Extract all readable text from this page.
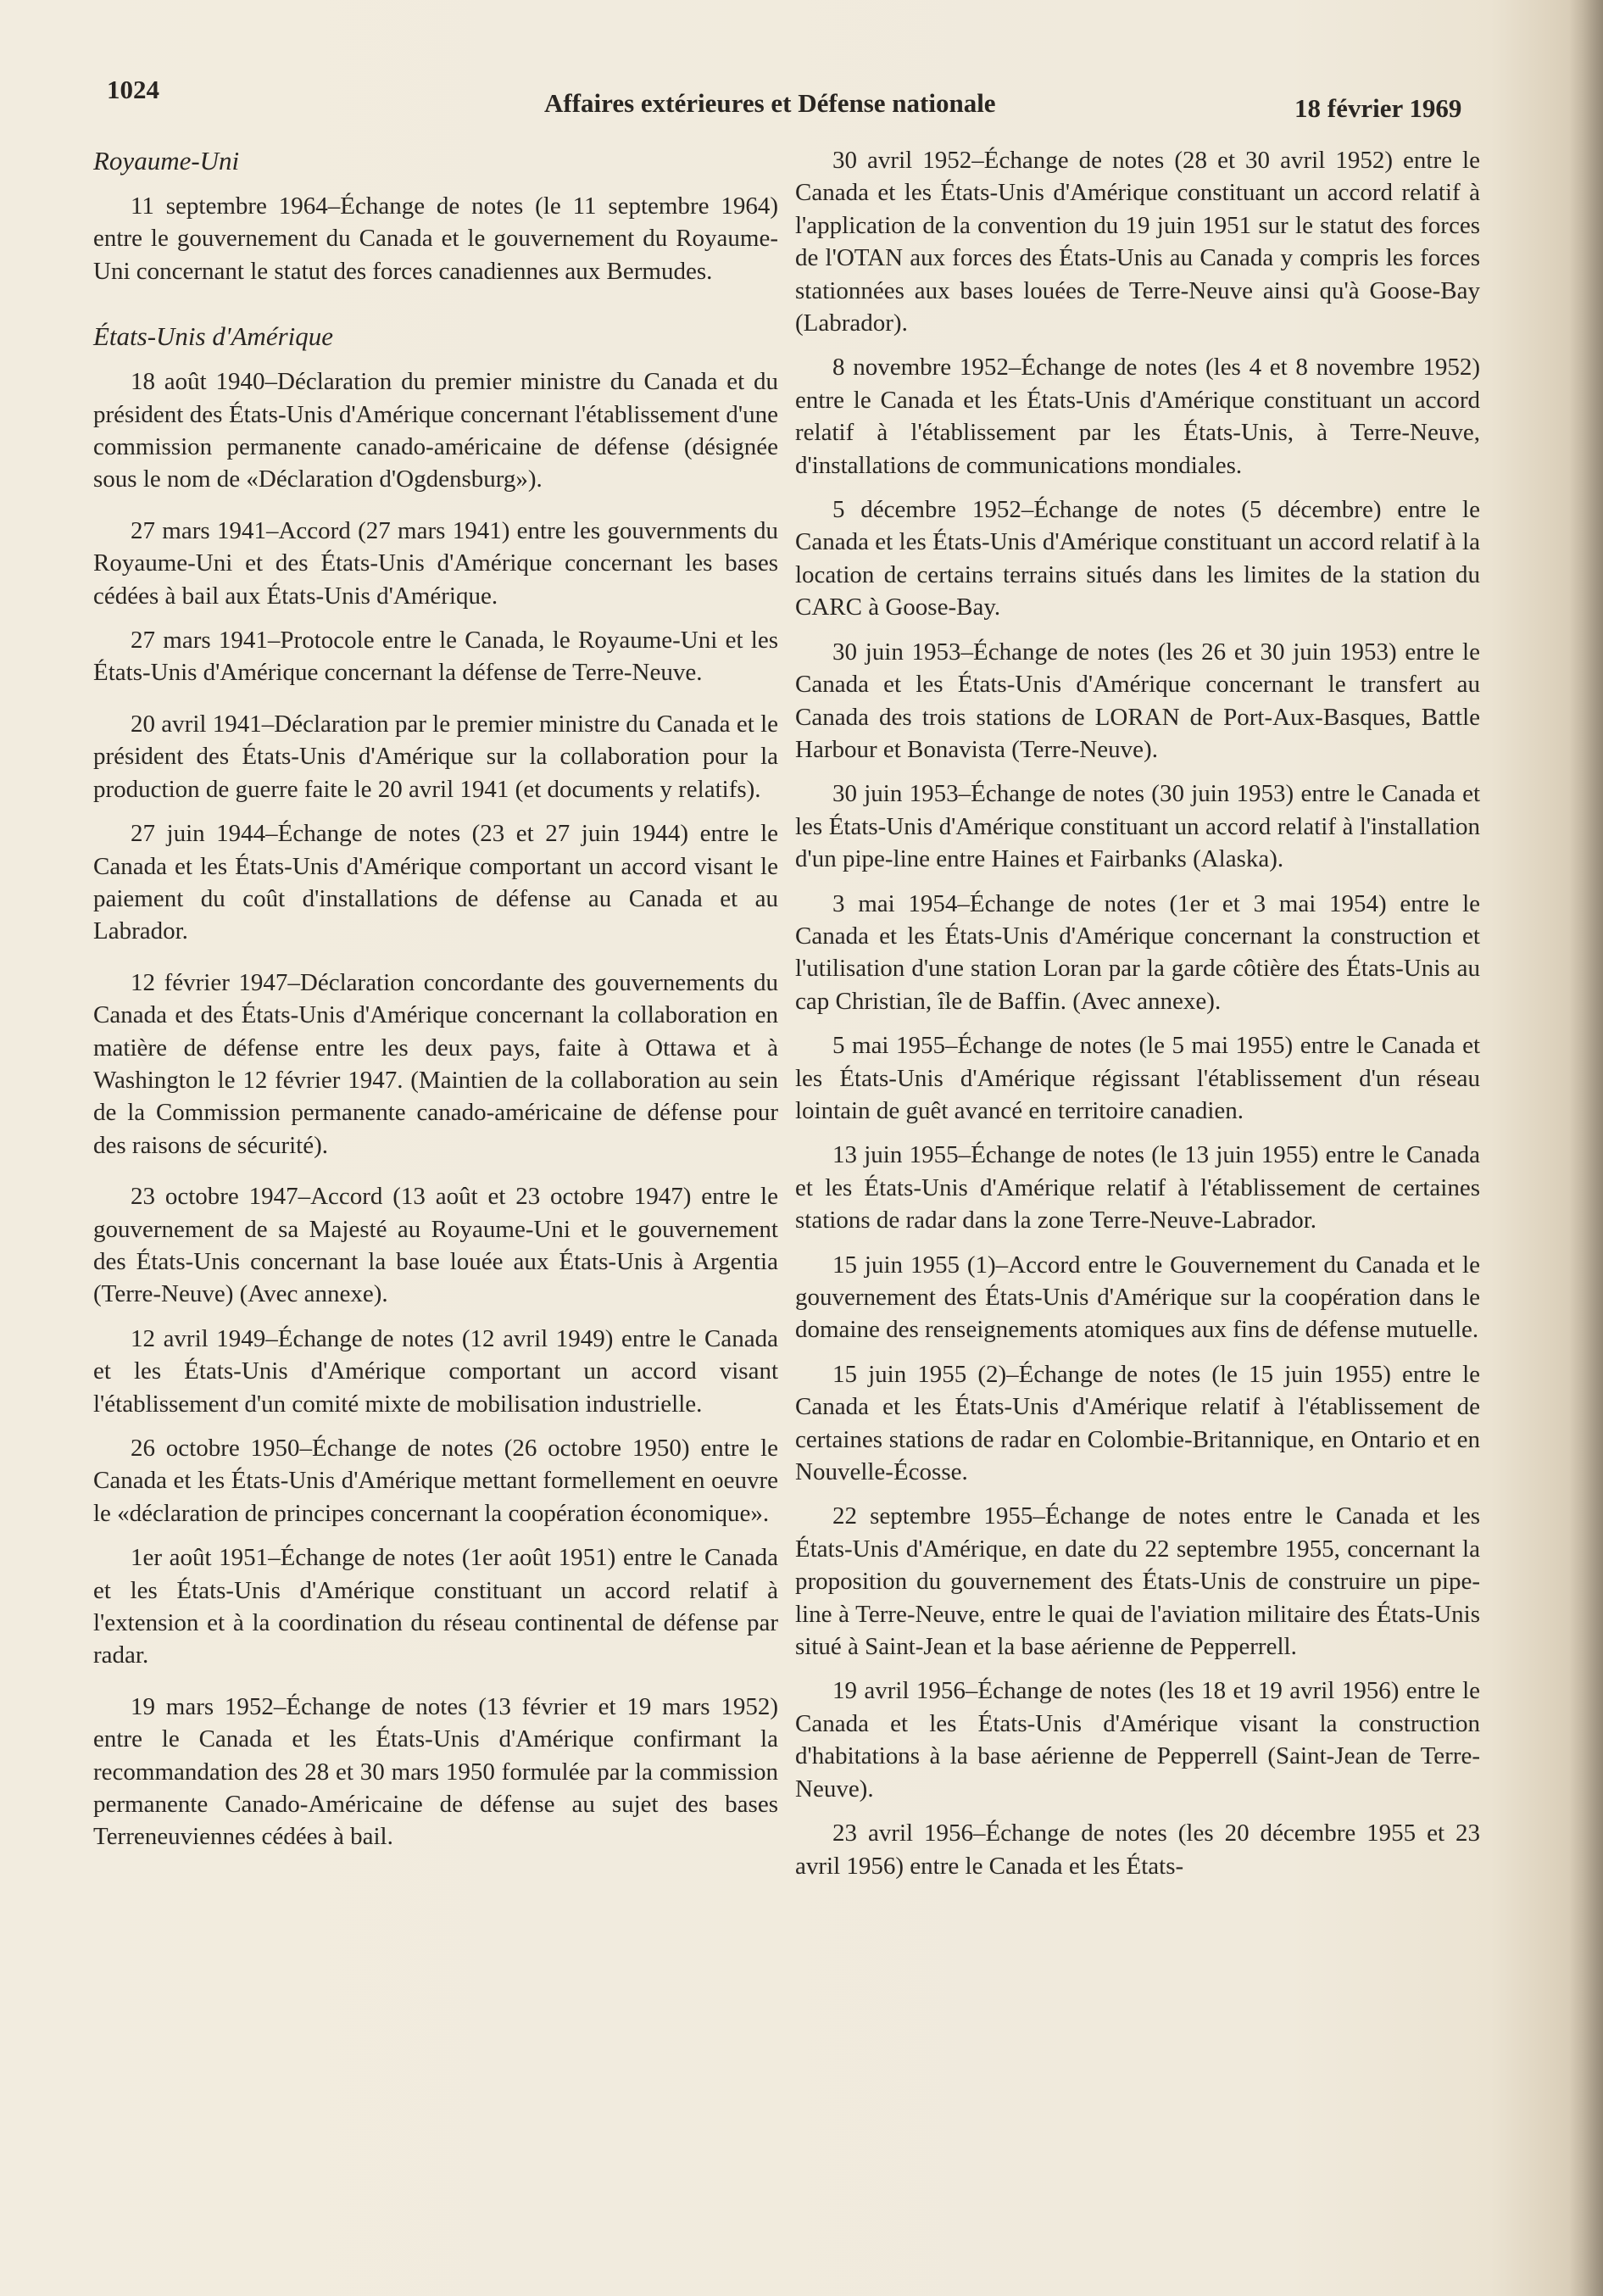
1024	Affaires extérieures et Défense nationale	18 février 1969
Royaume-Uni

11 septembre 1964–Échange de notes (le 11 septembre 1964) entre le gouvernement du Canada et le gouvernement du Royaume-Uni concernant le statut des forces canadiennes aux Bermudes.

États-Unis d'Amérique

18 août 1940–Déclaration du premier ministre du Canada et du président des États-Unis d'Amérique concernant l'établissement d'une commission permanente canado-américaine de défense (désignée sous le nom de «Déclaration d'Ogdensburg»).

27 mars 1941–Accord (27 mars 1941) entre les gouvernments du Royaume-Uni et des États-Unis d'Amérique concernant les bases cédées à bail aux États-Unis d'Amérique.

27 mars 1941–Protocole entre le Canada, le Royaume-Uni et les États-Unis d'Amérique concernant la défense de Terre-Neuve.

20 avril 1941–Déclaration par le premier ministre du Canada et le président des États-Unis d'Amérique sur la collaboration pour la production de guerre faite le 20 avril 1941 (et documents y relatifs).

27 juin 1944–Échange de notes (23 et 27 juin 1944) entre le Canada et les États-Unis d'Amérique comportant un accord visant le paiement du coût d'installations de défense au Canada et au Labrador.

12 février 1947–Déclaration concordante des gouvernements du Canada et des États-Unis d'Amérique concernant la collaboration en matière de défense entre les deux pays, faite à Ottawa et à Washington le 12 février 1947. (Maintien de la collaboration au sein de la Commission permanente canado-américaine de défense pour des raisons de sécurité).

23 octobre 1947–Accord (13 août et 23 octobre 1947) entre le gouvernement de sa Majesté au Royaume-Uni et le gouvernement des États-Unis concernant la base louée aux États-Unis à Argentia (Terre-Neuve) (Avec annexe).

12 avril 1949–Échange de notes (12 avril 1949) entre le Canada et les États-Unis d'Amérique comportant un accord visant l'établissement d'un comité mixte de mobilisation industrielle.

26 octobre 1950–Échange de notes (26 octobre 1950) entre le Canada et les États-Unis d'Amérique mettant formellement en oeuvre le «déclaration de principes concernant la coopération économique».

1er août 1951–Échange de notes (1er août 1951) entre le Canada et les États-Unis d'Amérique constituant un accord relatif à l'extension et à la coordination du réseau continental de défense par radar.

19 mars 1952–Échange de notes (13 février et 19 mars 1952) entre le Canada et les États-Unis d'Amérique confirmant la recommandation des 28 et 30 mars 1950 formulée par la commission permanente Canado-Américaine de défense au sujet des bases Terreneuviennes cédées à bail.

30 avril 1952–Échange de notes (28 et 30 avril 1952) entre le Canada et les États-Unis d'Amérique constituant un accord relatif à l'application de la convention du 19 juin 1951 sur le statut des forces de l'OTAN aux forces des États-Unis au Canada y compris les forces stationnées aux bases louées de Terre-Neuve ainsi qu'à Goose-Bay (Labrador).

8 novembre 1952–Échange de notes (les 4 et 8 novembre 1952) entre le Canada et les États-Unis d'Amérique constituant un accord relatif à l'établissement par les États-Unis, à Terre-Neuve, d'installations de communications mondiales.

5 décembre 1952–Échange de notes (5 décembre) entre le Canada et les États-Unis d'Amérique constituant un accord relatif à la location de certains terrains situés dans les limites de la station du CARC à Goose-Bay.

30 juin 1953–Échange de notes (les 26 et 30 juin 1953) entre le Canada et les États-Unis d'Amérique concernant le transfert au Canada des trois stations de LORAN de Port-Aux-Basques, Battle Harbour et Bonavista (Terre-Neuve).

30 juin 1953–Échange de notes (30 juin 1953) entre le Canada et les États-Unis d'Amérique constituant un accord relatif à l'installation d'un pipe-line entre Haines et Fairbanks (Alaska).

3 mai 1954–Échange de notes (1er et 3 mai 1954) entre le Canada et les États-Unis d'Amérique concernant la construction et l'utilisation d'une station Loran par la garde côtière des États-Unis au cap Christian, île de Baffin. (Avec annexe).

5 mai 1955–Échange de notes (le 5 mai 1955) entre le Canada et les États-Unis d'Amérique régissant l'établissement d'un réseau lointain de guêt avancé en territoire canadien.

13 juin 1955–Échange de notes (le 13 juin 1955) entre le Canada et les États-Unis d'Amérique relatif à l'établissement de certaines stations de radar dans la zone Terre-Neuve-Labrador.

15 juin 1955 (1)–Accord entre le Gouvernement du Canada et le gouvernement des États-Unis d'Amérique sur la coopération dans le domaine des renseignements atomiques aux fins de défense mutuelle.

15 juin 1955 (2)–Échange de notes (le 15 juin 1955) entre le Canada et les États-Unis d'Amérique relatif à l'établissement de certaines stations de radar en Colombie-Britannique, en Ontario et en Nouvelle-Écosse.

22 septembre 1955–Échange de notes entre le Canada et les États-Unis d'Amérique, en date du 22 septembre 1955, concernant la proposition du gouvernement des États-Unis de construire un pipe-line à Terre-Neuve, entre le quai de l'aviation militaire des États-Unis situé à Saint-Jean et la base aérienne de Pepperrell.

19 avril 1956–Échange de notes (les 18 et 19 avril 1956) entre le Canada et les États-Unis d'Amérique visant la construction d'habitations à la base aérienne de Pepperrell (Saint-Jean de Terre-Neuve).

23 avril 1956–Échange de notes (les 20 décembre 1955 et 23 avril 1956) entre le Canada et les États-
